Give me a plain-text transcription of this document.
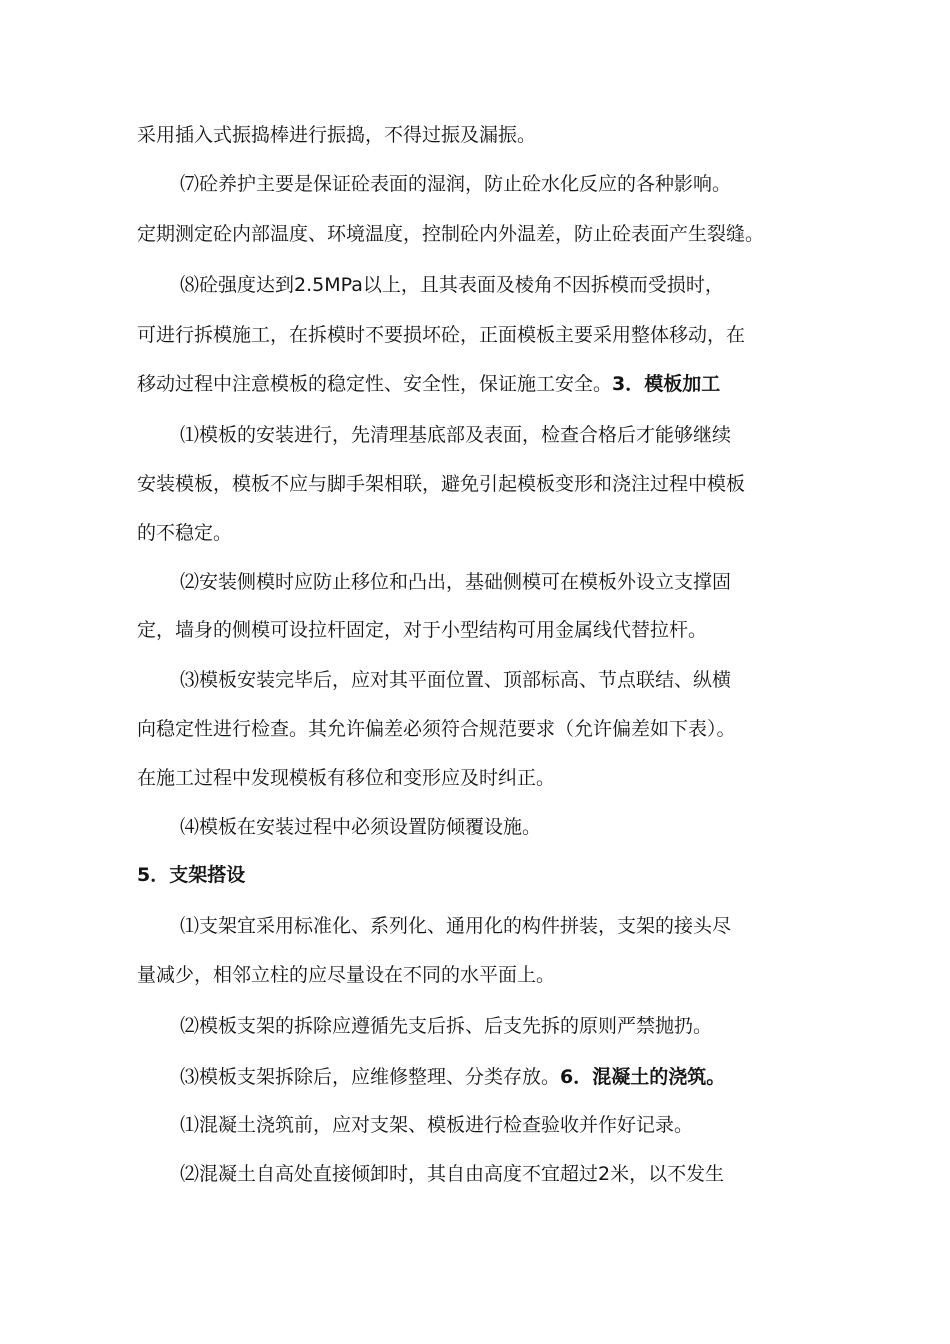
采用插入式振捣棒进行振捣，不得过振及漏振。
⑺砼养护主要是保证砼表面的湿润，防止砼水化反应的各种影响。
定期测定砼内部温度、环境温度，控制砼内外温差，防止砼表面产生裂缝。
⑻砼强度达到2.5MPa以上，且其表面及棱角不因拆模而受损时，
可进行拆模施工，在拆模时不要损坏砼，正面模板主要采用整体移动，在
移动过程中注意模板的稳定性、安全性，保证施工安全。3．模板加工
⑴模板的安装进行，先清理基底部及表面，检查合格后才能够继续
安装模板，模板不应与脚手架相联，避免引起模板变形和浇注过程中模板
的不稳定。
⑵安装侧模时应防止移位和凸出，基础侧模可在模板外设立支撑固
定，墙身的侧模可设拉杆固定，对于小型结构可用金属线代替拉杆。
⑶模板安装完毕后，应对其平面位置、顶部标高、节点联结、纵横
向稳定性进行检查。其允许偏差必须符合规范要求（允许偏差如下表）。
在施工过程中发现模板有移位和变形应及时纠正。
⑷模板在安装过程中必须设置防倾覆设施。
5．支架搭设
⑴支架宜采用标准化、系列化、通用化的构件拼装，支架的接头尽
量减少，相邻立柱的应尽量设在不同的水平面上。
⑵模板支架的拆除应遵循先支后拆、后支先拆的原则严禁抛扔。
⑶模板支架拆除后，应维修整理、分类存放。6．混凝土的浇筑。
⑴混凝土浇筑前，应对支架、模板进行检查验收并作好记录。
⑵混凝土自高处直接倾卸时，其自由高度不宜超过2米，以不发生
